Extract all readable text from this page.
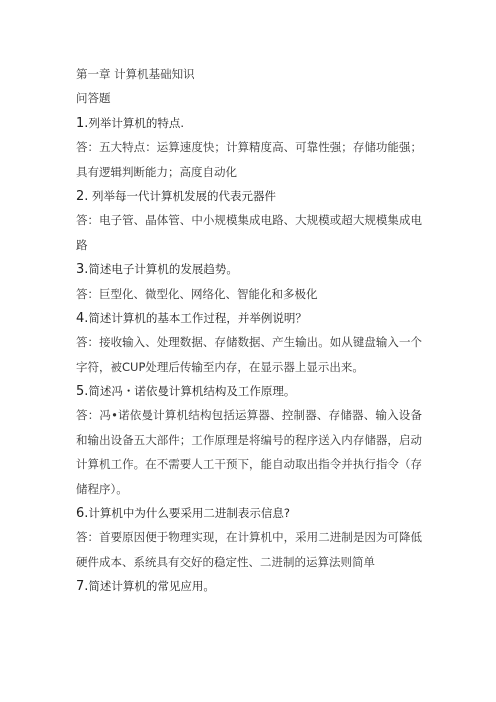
第一章 计算机基础知识
问答题
1.列举计算机的特点.
答：五大特点：运算速度快；计算精度高、可靠性强；存储功能强；
具有逻辑判断能力；高度自动化
2. 列举每一代计算机发展的代表元器件
答：电子管、晶体管、中小规模集成电路、大规模或超大规模集成电
路
3.简述电子计算机的发展趋势。
答：巨型化、微型化、网络化、智能化和多极化
4.简述计算机的基本工作过程，并举例说明？
答：接收输入、处理数据、存储数据、产生输出。如从键盘输入一个
字符，被CUP处理后传输至内存，在显示器上显示出来。
5.简述冯・诺依曼计算机结构及工作原理。
答：冯•诺依曼计算机结构包括运算器、控制器、存储器、输入设备
和输出设备五大部件；工作原理是将编号的程序送入内存储器，启动
计算机工作。在不需要人工干预下，能自动取出指令并执行指令（存
储程序）。
6.计算机中为什么要采用二进制表示信息?
答：首要原因便于物理实现，在计算机中，采用二进制是因为可降低
硬件成本、系统具有交好的稳定性、二进制的运算法则简单
7.简述计算机的常见应用。
